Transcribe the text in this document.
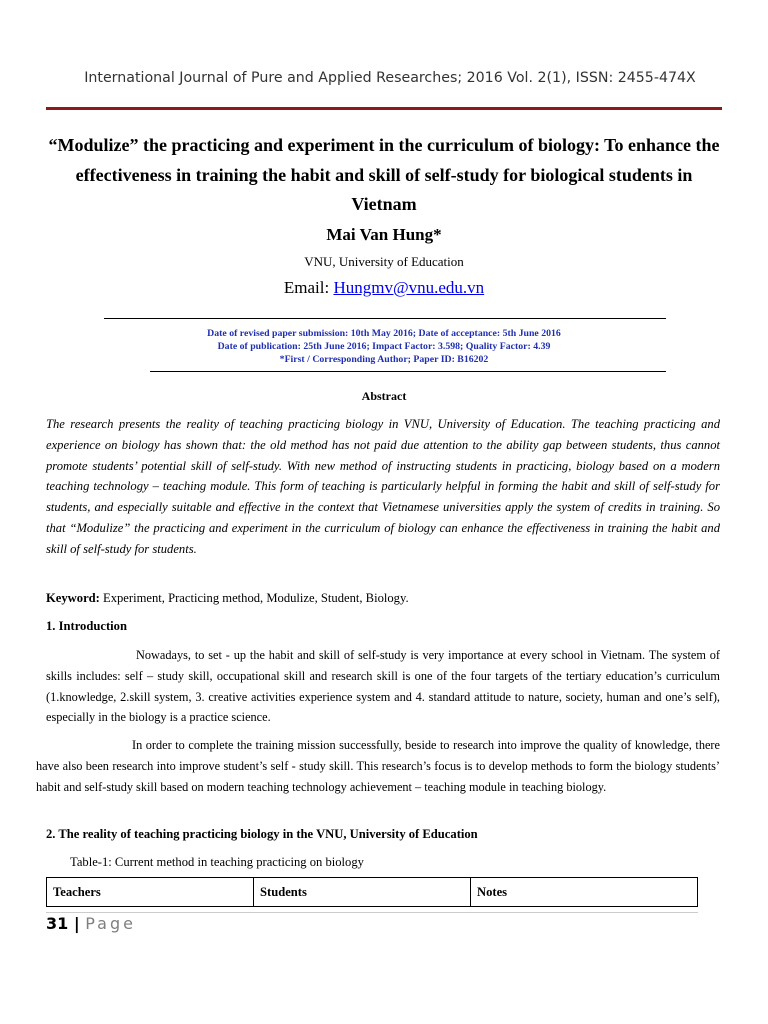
International Journal of Pure and Applied Researches; 2016 Vol. 2(1), ISSN: 2455-474X
“Modulize” the practicing and experiment in the curriculum of biology: To enhance the effectiveness in training the habit and skill of self-study for biological students in Vietnam
Mai Van Hung*
VNU, University of Education
Email: Hungmv@vnu.edu.vn
Date of revised paper submission: 10th May 2016; Date of acceptance: 5th June 2016
Date of publication: 25th June 2016; Impact Factor: 3.598; Quality Factor: 4.39
*First / Corresponding Author; Paper ID: B16202
Abstract
The research presents the reality of teaching practicing biology in VNU, University of Education. The teaching practicing and experience on biology has shown that: the old method has not paid due attention to the ability gap between students, thus cannot promote students’ potential skill of self-study. With new method of instructing students in practicing, biology based on a modern teaching technology – teaching module. This form of teaching is particularly helpful in forming the habit and skill of self-study for students, and especially suitable and effective in the context that Vietnamese universities apply the system of credits in training. So that “Modulize” the practicing and experiment in the curriculum of biology can enhance the effectiveness in training the habit and skill of self-study for students.
Keyword: Experiment, Practicing method, Modulize, Student, Biology.
1. Introduction
Nowadays, to set - up the habit and skill of self-study is very importance at every school in Vietnam. The system of skills includes: self – study skill, occupational skill and research skill is one of the four targets of the tertiary education’s curriculum (1.knowledge, 2.skill system, 3. creative activities experience system and 4. standard attitude to nature, society, human and one’s self), especially in the biology is a practice science.
In order to complete the training mission successfully, beside to research into improve the quality of knowledge, there have also been research into improve student’s self - study skill. This research’s focus is to develop methods to form the biology students’ habit and self-study skill based on modern teaching technology achievement – teaching module in teaching biology.
2. The reality of teaching practicing biology in the VNU, University of Education
Table-1: Current method in teaching practicing on biology
Teachers	Students	Notes
31 | Page
